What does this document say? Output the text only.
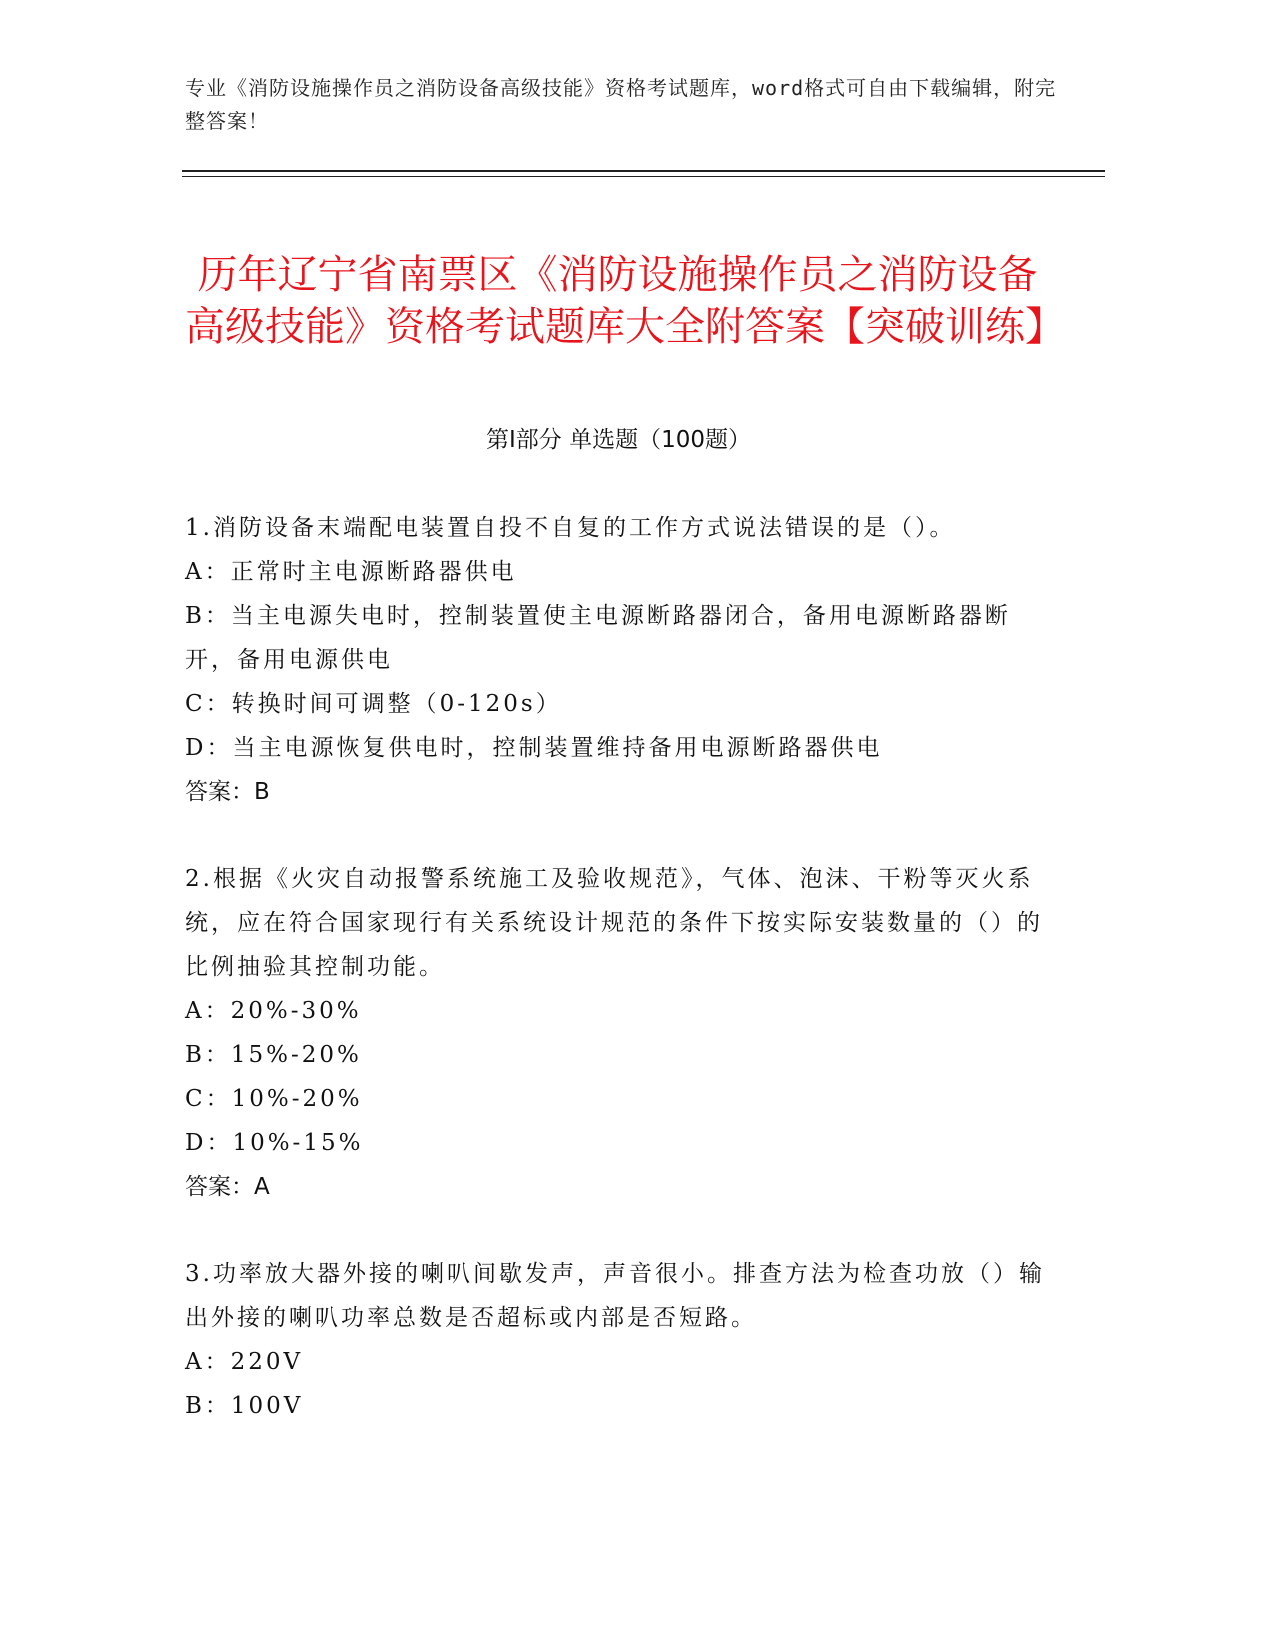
专业《消防设施操作员之消防设备高级技能》资格考试题库，word格式可自由下载编辑，附完整答案！
历年辽宁省南票区《消防设施操作员之消防设备高级技能》资格考试题库大全附答案【突破训练】
第Ⅰ部分 单选题（100题）

1.消防设备末端配电装置自投不自复的工作方式说法错误的是（）。

A：正常时主电源断路器供电

B：当主电源失电时，控制装置使主电源断路器闭合，备用电源断路器断开，备用电源供电

C：转换时间可调整（0-120s）

D：当主电源恢复供电时，控制装置维持备用电源断路器供电

答案：B

2.根据《火灾自动报警系统施工及验收规范》，气体、泡沫、干粉等灭火系统，应在符合国家现行有关系统设计规范的条件下按实际安装数量的（）的比例抽验其控制功能。

A：20%-30%

B：15%-20%

C：10%-20%

D：10%-15%

答案：A

3.功率放大器外接的喇叭间歇发声，声音很小。排查方法为检查功放（）输出外接的喇叭功率总数是否超标或内部是否短路。

A：220V

B：100V
